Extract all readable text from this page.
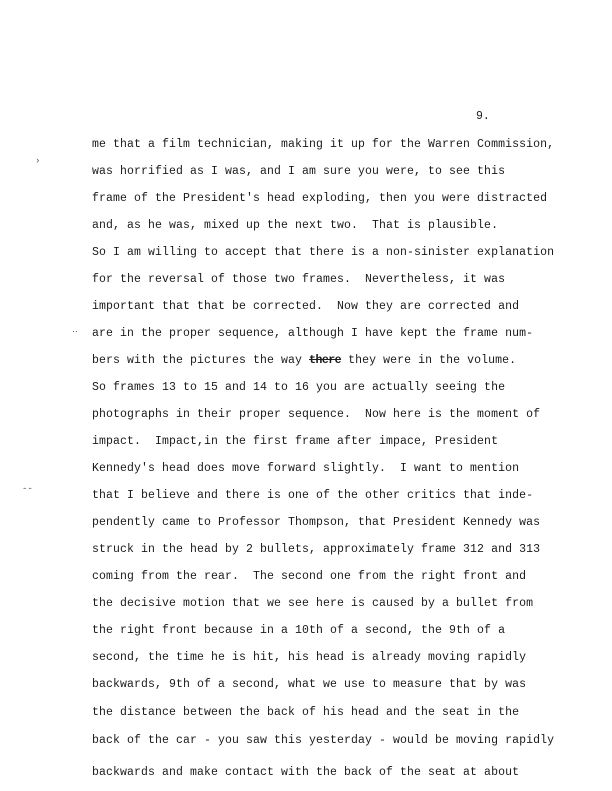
9.
›
‥
--
me that a film technician, making it up for the Warren Commission,
was horrified as I was, and I am sure you were, to see this
frame of the President's head exploding, then you were distracted
and, as he was, mixed up the next two.  That is plausible.
So I am willing to accept that there is a non-sinister explanation
for the reversal of those two frames.  Nevertheless, it was
important that that be corrected.  Now they are corrected and
are in the proper sequence, although I have kept the frame num-
bers with the pictures the way there they were in the volume.
So frames 13 to 15 and 14 to 16 you are actually seeing the
photographs in their proper sequence.  Now here is the moment of
impact.  Impact,in the first frame after impace, President
Kennedy's head does move forward slightly.  I want to mention
that I believe and there is one of the other critics that inde-
pendently came to Professor Thompson, that President Kennedy was
struck in the head by 2 bullets, approximately frame 312 and 313
coming from the rear.  The second one from the right front and
the decisive motion that we see here is caused by a bullet from
the right front because in a 10th of a second, the 9th of a
second, the time he is hit, his head is already moving rapidly
backwards, 9th of a second, what we use to measure that by was
the distance between the back of his head and the seat in the
back of the car - you saw this yesterday - would be moving rapidly
backwards and make contact with the back of the seat at about
